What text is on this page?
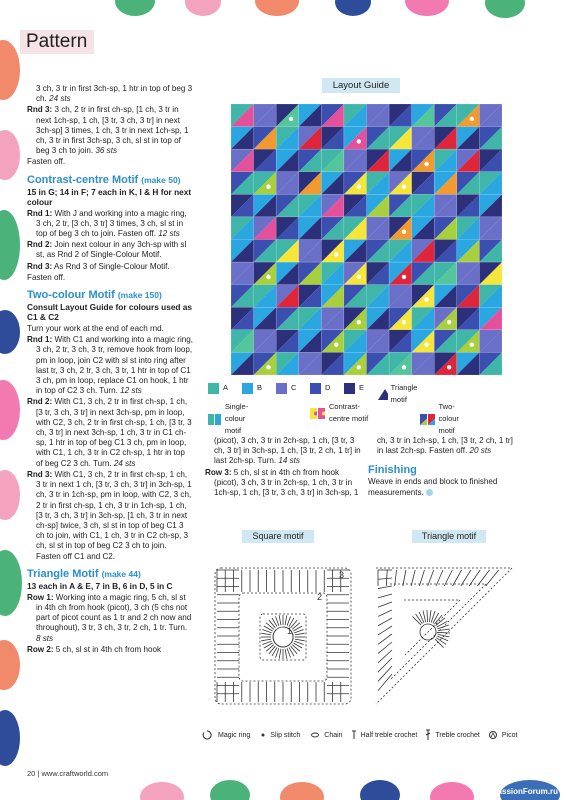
Pattern

3 ch, 3 tr in first 3ch-sp, 1 htr in top of beg 3 ch. 24 sts

Rnd 3: 3 ch, 2 tr in first ch-sp, [1 ch, 3 tr in next 1ch-sp, 1 ch, [3 tr, 3 ch, 3 tr] in next 3ch-sp] 3 times, 1 ch, 3 tr in next 1ch-sp, 1 ch, 3 tr in first 3ch-sp, 3 ch, sl st in top of beg 3 ch to join. 36 sts

Fasten off.

Contrast-centre Motif (make 50)
15 in G; 14 in F; 7 each in K, I & H for next colour

Rnd 1: With J and working into a magic ring, 3 ch, 2 tr, [3 ch, 3 tr] 3 times, 3 ch, sl st in top of beg 3 ch to join. Fasten off. 12 sts

Rnd 2: Join next colour in any 3ch-sp with sl st, as Rnd 2 of Single-Colour Motif.

Rnd 3: As Rnd 3 of Single-Colour Motif.

Fasten off.

Two-colour Motif (make 150)
Consult Layout Guide for colours used as C1 & C2

Turn your work at the end of each rnd.

Rnd 1: With C1 and working into a magic ring, 3 ch, 2 tr, 3 ch, 3 tr, remove hook from loop, pm in loop, join C2 with sl st into ring after last tr, 3 ch, 2 tr, 3 ch, 3 tr, 1 htr in top of C1 3 ch, pm in loop, replace C1 on hook, 1 htr in top of C2 3 ch. Turn. 12 sts

Rnd 2: With C1, 3 ch, 2 tr in first ch-sp, 1 ch, [3 tr, 3 ch, 3 tr] in next 3ch-sp, pm in loop, with C2, 3 ch, 2 tr in first ch-sp, 1 ch, [3 tr, 3 ch, 3 tr] in next 3ch-sp, 1 ch, 3 tr in C1 ch-sp, 1 htr in top of beg C1 3 ch, pm in loop, with C1, 1 ch, 3 tr in C2 ch-sp, 1 htr in top of beg C2 3 ch. Turn. 24 sts

Rnd 3: With C1, 3 ch, 2 tr in first ch-sp, 1 ch, 3 tr in next 1 ch, [3 tr, 3 ch, 3 tr] in 3ch-sp, 1 ch, 3 tr in 1ch-sp, pm in loop, with C2, 3 ch, 2 tr in first ch-sp, 1 ch, 3 tr in 1ch-sp, 1 ch, [3 tr, 3 ch, 3 tr] in 3ch-sp, [1 ch, 3 tr in next ch-sp] twice, 3 ch, sl st in top of beg C1 3 ch to join, with C1, 1 ch, 3 tr in C2 ch-sp, 3 ch, sl st in top of beg C2 3 ch to join. Fasten off C1 and C2.

Triangle Motif (make 44)
13 each in A & E, 7 in B, 6 in D, 5 in C

Row 1: Working into a magic ring, 5 ch, sl st in 4th ch from hook (picot), 3 ch (5 chs not part of picot count as 1 tr and 2 ch now and throughout), 3 tr, 3 ch, 3 tr, 2 ch, 1 tr. Turn. 8 sts

Row 2: 5 ch, sl st in 4th ch from hook

Layout Guide
A	B	C	D	E	Triangle motif
Single-colour motif
Contrast-centre motif
Two-colour motif

(picot), 3 ch, 3 tr in 2ch-sp, 1 ch, [3 tr, 3 ch, 3 tr] in 3ch-sp, 1 ch, [3 tr, 2 ch, 1 tr] in last 2ch-sp. Turn. 14 sts

Row 3: 5 ch, sl st in 4th ch from hook (picot), 3 ch, 3 tr in 2ch-sp, 1 ch, 3 tr in 1ch-sp, 1 ch, [3 tr, 3 ch, 3 tr] in 3ch-sp, 1

ch, 3 tr in 1ch-sp, 1 ch, [3 tr, 2 ch, 1 tr] in last 2ch-sp. Fasten off. 20 sts

Finishing

Weave in ends and block to finished measurements.

Square motif	Triangle motif
1
2
3
Magic ring	Slip stitch	Chain	Half treble crochet	Treble crochet	Picot
20 | www.craftworld.com
PassionForum.ru
